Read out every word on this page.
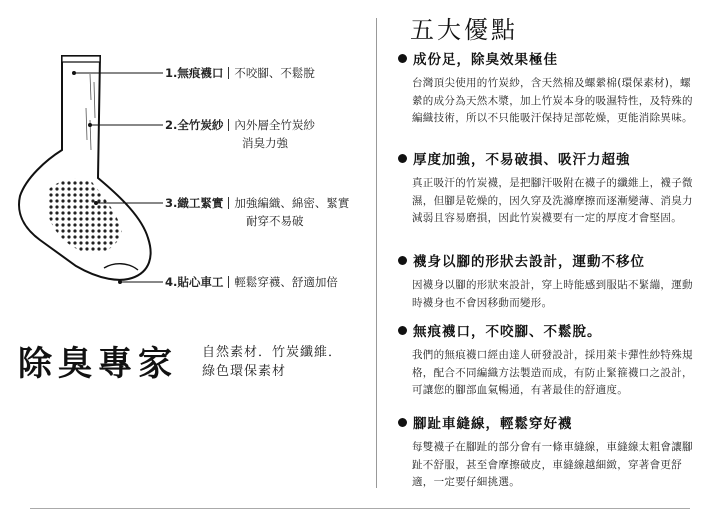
1.無痕襪口 不咬腳、不鬆脫
2.全竹炭紗 內外層全竹炭紗
消臭力強
3.織工緊實 加強編織、綿密、緊實
耐穿不易破
4.貼心車工 輕鬆穿襪、舒適加倍
除臭專家 自然素材．竹炭纖維．
綠色環保素材
五大優點
成份足，除臭效果極佳
台灣頂尖使用的竹炭紗，含天然棉及螺縈棉(環保素材)，螺縈的成分為天然木漿，加上竹炭本身的吸濕特性，及特殊的編織技術，所以不只能吸汗保持足部乾燥，更能消除異味。
厚度加強，不易破損、吸汗力超強
真正吸汗的竹炭襪，是把腳汗吸附在襪子的纖維上，襪子微濕，但腳是乾燥的，因久穿及洗滌摩擦而逐漸變薄、消臭力減弱且容易磨損，因此竹炭襪要有一定的厚度才會堅固。
襪身以腳的形狀去設計，運動不移位
因襪身以腳的形狀來設計，穿上時能感到服貼不緊繃，運動時襪身也不會因移動而變形。
無痕襪口，不咬腳、不鬆脫。
我們的無痕襪口經由達人研發設計，採用萊卡彈性紗特殊規格，配合不同編織方法製造而成，有防止緊箍襪口之設計，可讓您的腳部血氣暢通，有著最佳的舒適度。
腳趾車縫線，輕鬆穿好襪
每雙襪子在腳趾的部分會有一條車縫線，車縫線太粗會讓腳趾不舒服，甚至會摩擦破皮，車縫線越細緻，穿著會更舒適，一定要仔細挑選。
